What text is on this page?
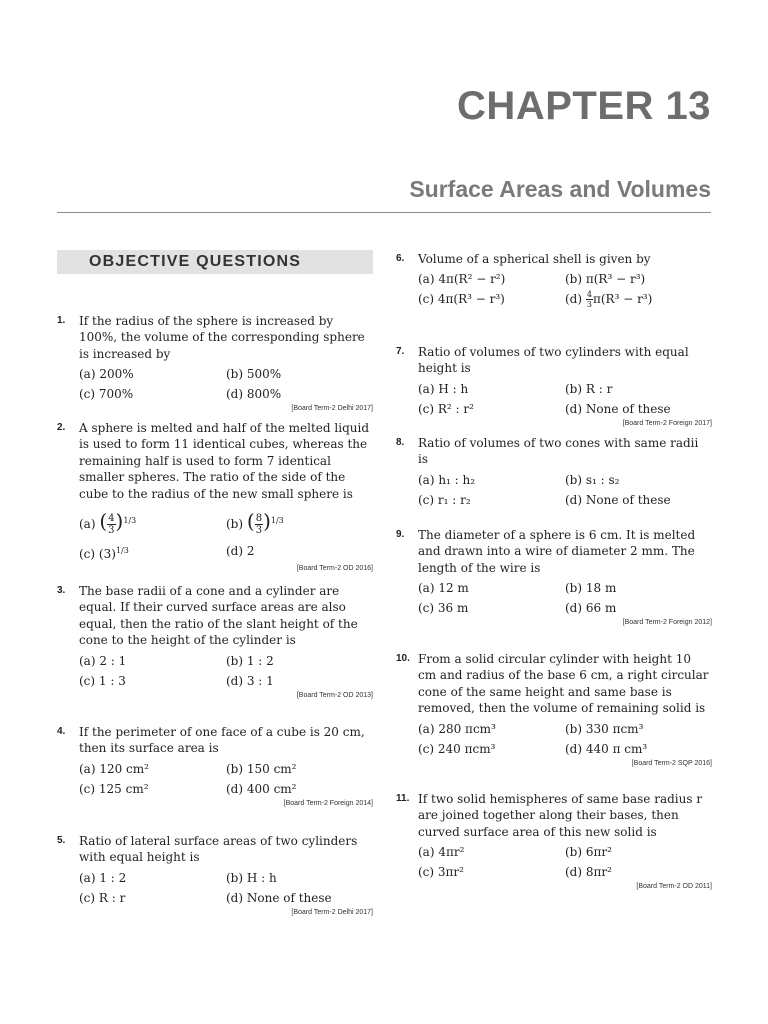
CHAPTER 13
Surface Areas and Volumes
OBJECTIVE QUESTIONS
1. If the radius of the sphere is increased by 100%, the volume of the corresponding sphere is increased by
(a) 200%	(b) 500%
(c) 700%	(d) 800%
[Board Term-2 Delhi 2017]
2. A sphere is melted and half of the melted liquid is used to form 11 identical cubes, whereas the remaining half is used to form 7 identical smaller spheres. The ratio of the side of the cube to the radius of the new small sphere is
(a) ( $\frac{4}{3} )^{1/3}$	(b) ( $\frac{8}{3} )^{1/3}$
(c) $(3)^{1/3}$	(d) 2
[Board Term-2 OD 2016]
3. The base radii of a cone and a cylinder are equal. If their curved surface areas are also equal, then the ratio of the slant height of the cone to the height of the cylinder is
(a) 2 : 1	(b) 1 : 2
(c) 1 : 3	(d) 3 : 1
[Board Term-2 OD 2013]
4. If the perimeter of one face of a cube is 20 cm, then its surface area is
(a) 120 cm²	(b) 150 cm²
(c) 125 cm²	(d) 400 cm²
[Board Term-2 Foreign 2014]
5. Ratio of lateral surface areas of two cylinders with equal height is
(a) 1 : 2	(b) H : h
(c) R : r	(d) None of these
[Board Term-2 Delhi 2017]
6. Volume of a spherical shell is given by
(a) 4π(R² − r²)	(b) π(R³ − r³)
(c) 4π(R³ − r³)	$(d) \frac{4}{3} \pi(R^3 - r^3)$
7. Ratio of volumes of two cylinders with equal height is
(a) H : h	(b) R : r
(c) R² : r²	(d) None of these
[Board Term-2 Foreign 2017]
8. Ratio of volumes of two cones with same radii is
(a) h₁ : h₂	(b) s₁ : s₂
(c) r₁ : r₂	(d) None of these
9. The diameter of a sphere is 6 cm. It is melted and drawn into a wire of diameter 2 mm. The length of the wire is
(a) 12 m	(b) 18 m
(c) 36 m	(d) 66 m
[Board Term-2 Foreign 2012]
10. From a solid circular cylinder with height 10 cm and radius of the base 6 cm, a right circular cone of the same height and same base is removed, then the volume of remaining solid is
(a) 280 πcm³	(b) 330 πcm³
(c) 240 πcm³	(d) 440 π cm³
[Board Term-2 SQP 2016]
11. If two solid hemispheres of same base radius r are joined together along their bases, then curved surface area of this new solid is
(a) 4πr²	(b) 6πr²
(c) 3πr²	(d) 8πr²
[Board Term-2 OD 2011]
